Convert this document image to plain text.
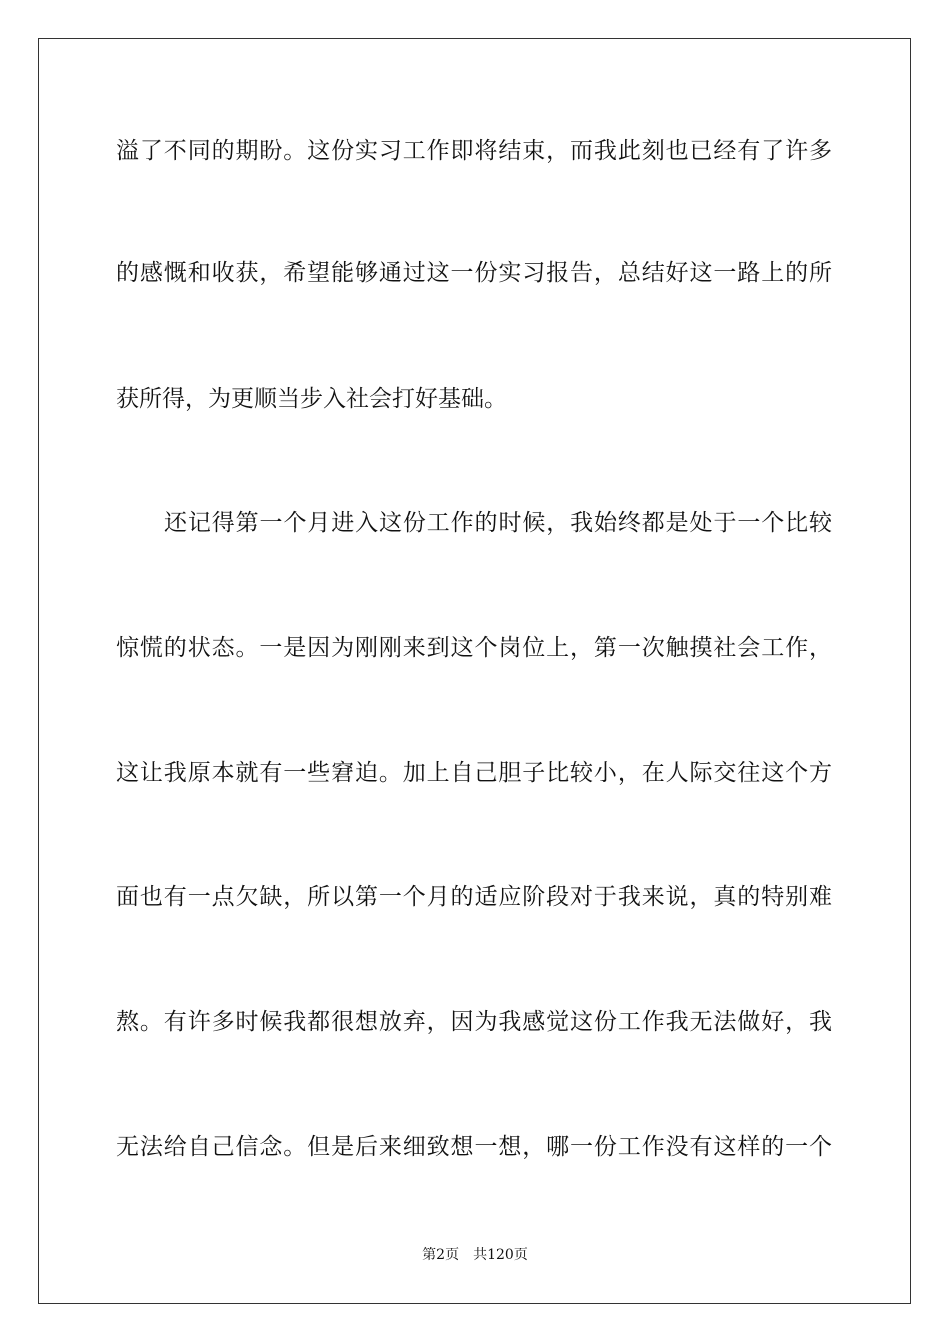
溢了不同的期盼。这份实习工作即将结束，而我此刻也已经有了许多
的感慨和收获，希望能够通过这一份实习报告，总结好这一路上的所
获所得，为更顺当步入社会打好基础。
还记得第一个月进入这份工作的时候，我始终都是处于一个比较
惊慌的状态。一是因为刚刚来到这个岗位上，第一次触摸社会工作，
这让我原本就有一些窘迫。加上自己胆子比较小，在人际交往这个方
面也有一点欠缺，所以第一个月的适应阶段对于我来说，真的特别难
熬。有许多时候我都很想放弃，因为我感觉这份工作我无法做好，我
无法给自己信念。但是后来细致想一想，哪一份工作没有这样的一个
第2页 共120页
